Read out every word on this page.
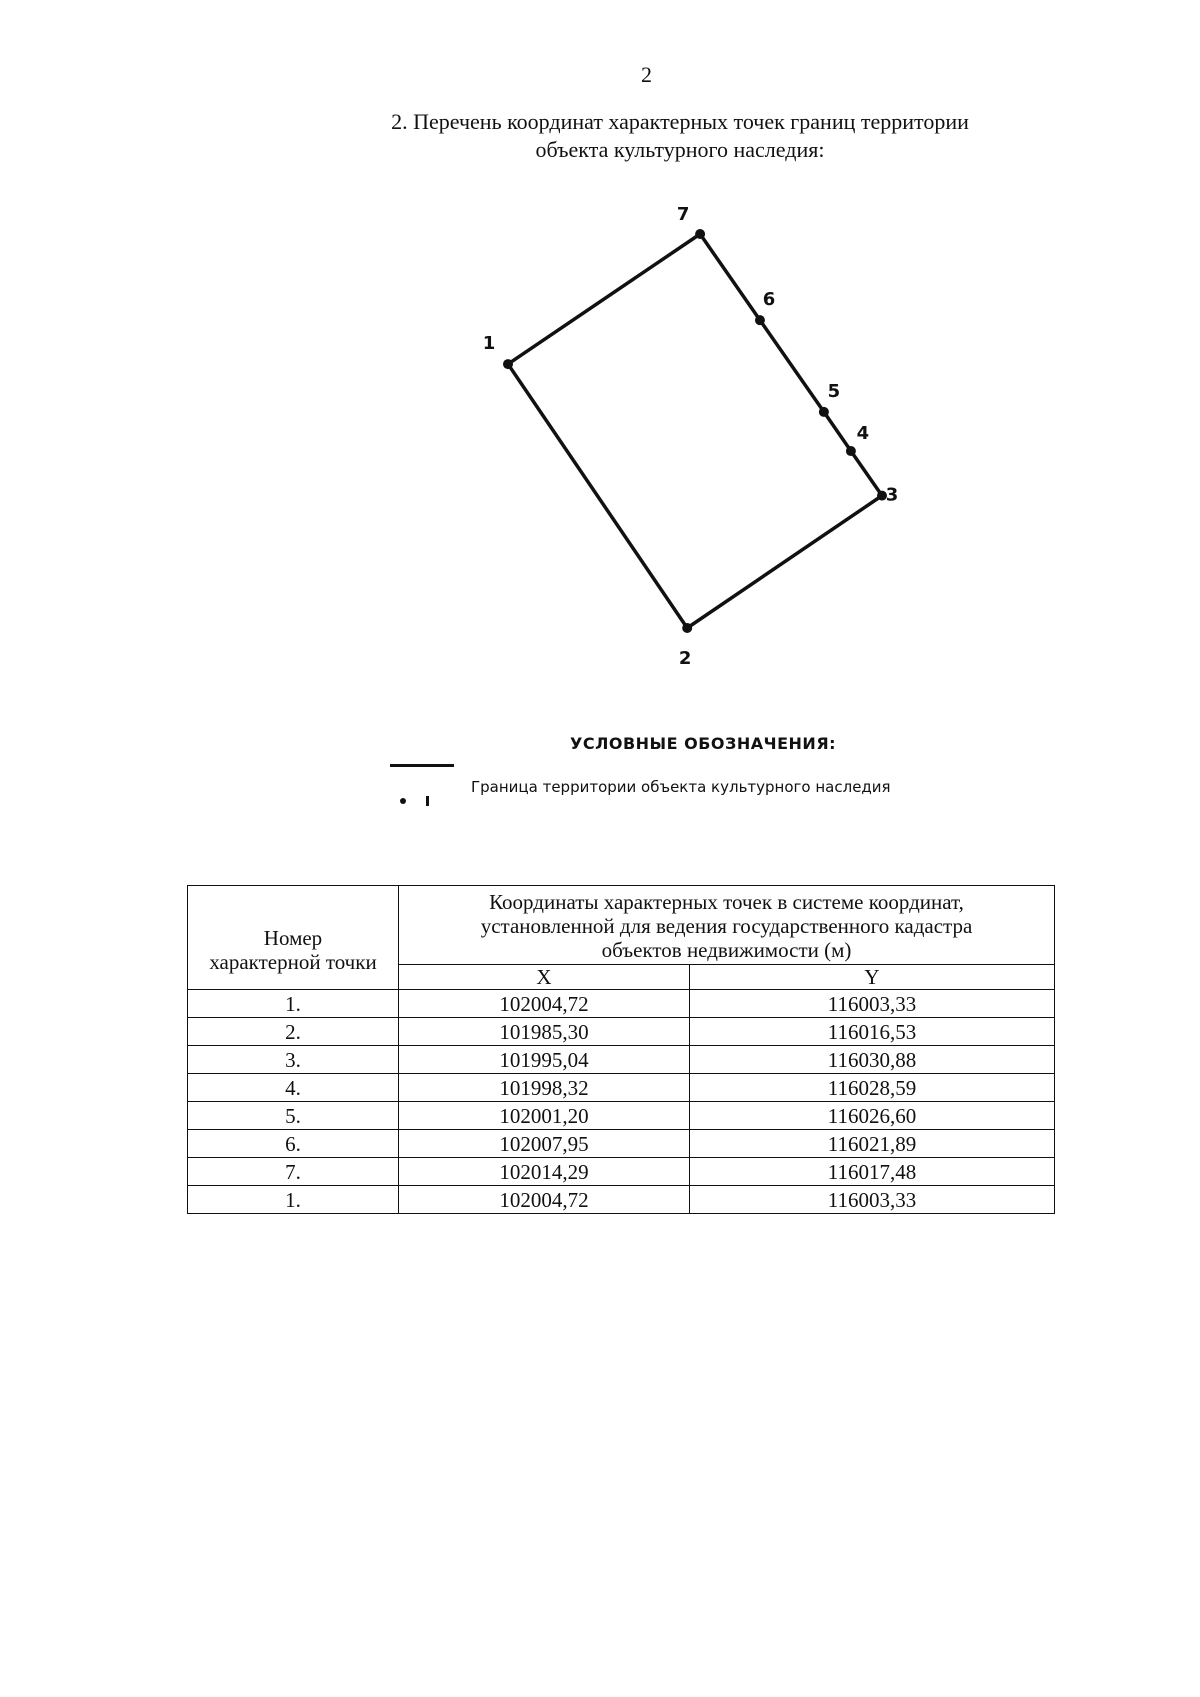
2
2. Перечень координат характерных точек границ территории
объекта культурного наследия:
1
2
3
4
5
6
7
УСЛОВНЫЕ ОБОЗНАЧЕНИЯ:
Граница территории объекта культурного наследия
Номер
характерной точки	Координаты характерных точек в системе координат,
установленной для ведения государственного кадастра
объектов недвижимости (м)	
	X	Y
1.	102004,72	116003,33
2.	101985,30	116016,53
3.	101995,04	116030,88
4.	101998,32	116028,59
5.	102001,20	116026,60
6.	102007,95	116021,89
7.	102014,29	116017,48
1.	102004,72	116003,33
